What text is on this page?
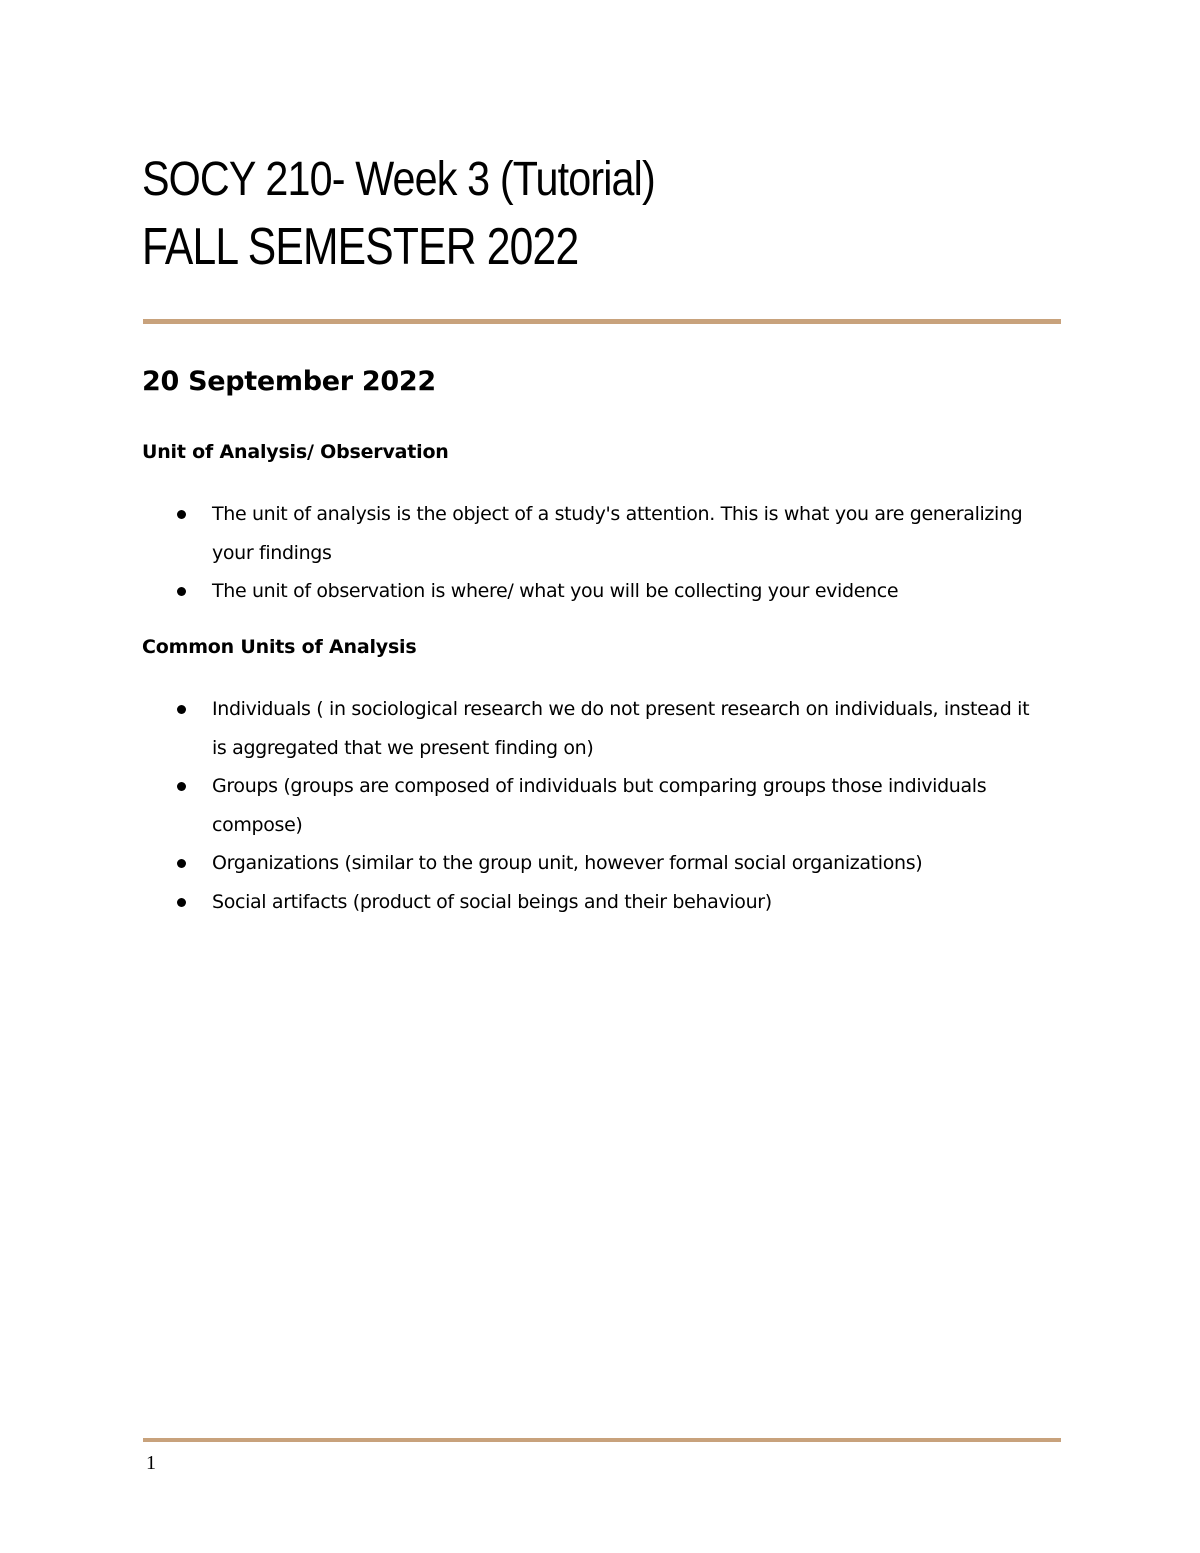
SOCY 210- Week 3 (Tutorial)
FALL SEMESTER 2022
20 September 2022
Unit of Analysis/ Observation
The unit of analysis is the object of a study's attention. This is what you are generalizing your findings
The unit of observation is where/ what you will be collecting your evidence
Common Units of Analysis
Individuals ( in sociological research we do not present research on individuals, instead it is aggregated that we present finding on)
Groups (groups are composed of individuals but comparing groups those individuals compose)
Organizations (similar to the group unit, however formal social organizations)
Social artifacts (product of social beings and their behaviour)
1
